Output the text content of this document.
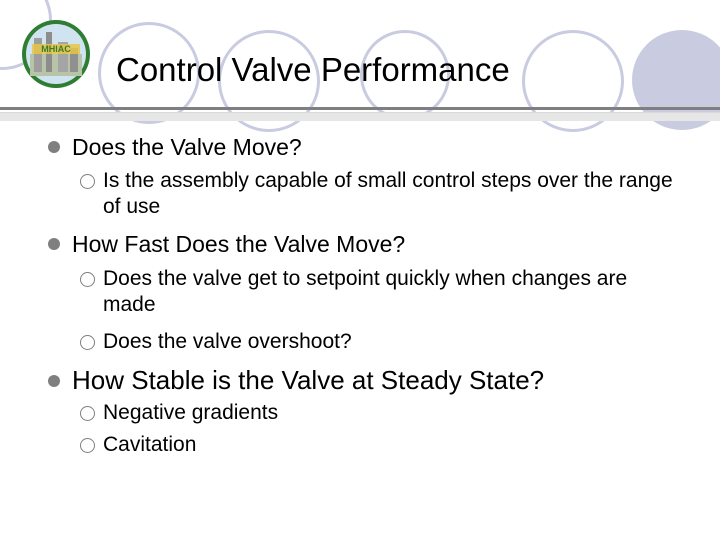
MHIAC
Control Valve Performance
Does the Valve Move?
Is the assembly capable of small control steps over the range of use
How Fast Does the Valve Move?
Does the valve get to setpoint quickly when changes are made
Does the valve overshoot?
How Stable is the Valve at Steady State?
Negative gradients
Cavitation
